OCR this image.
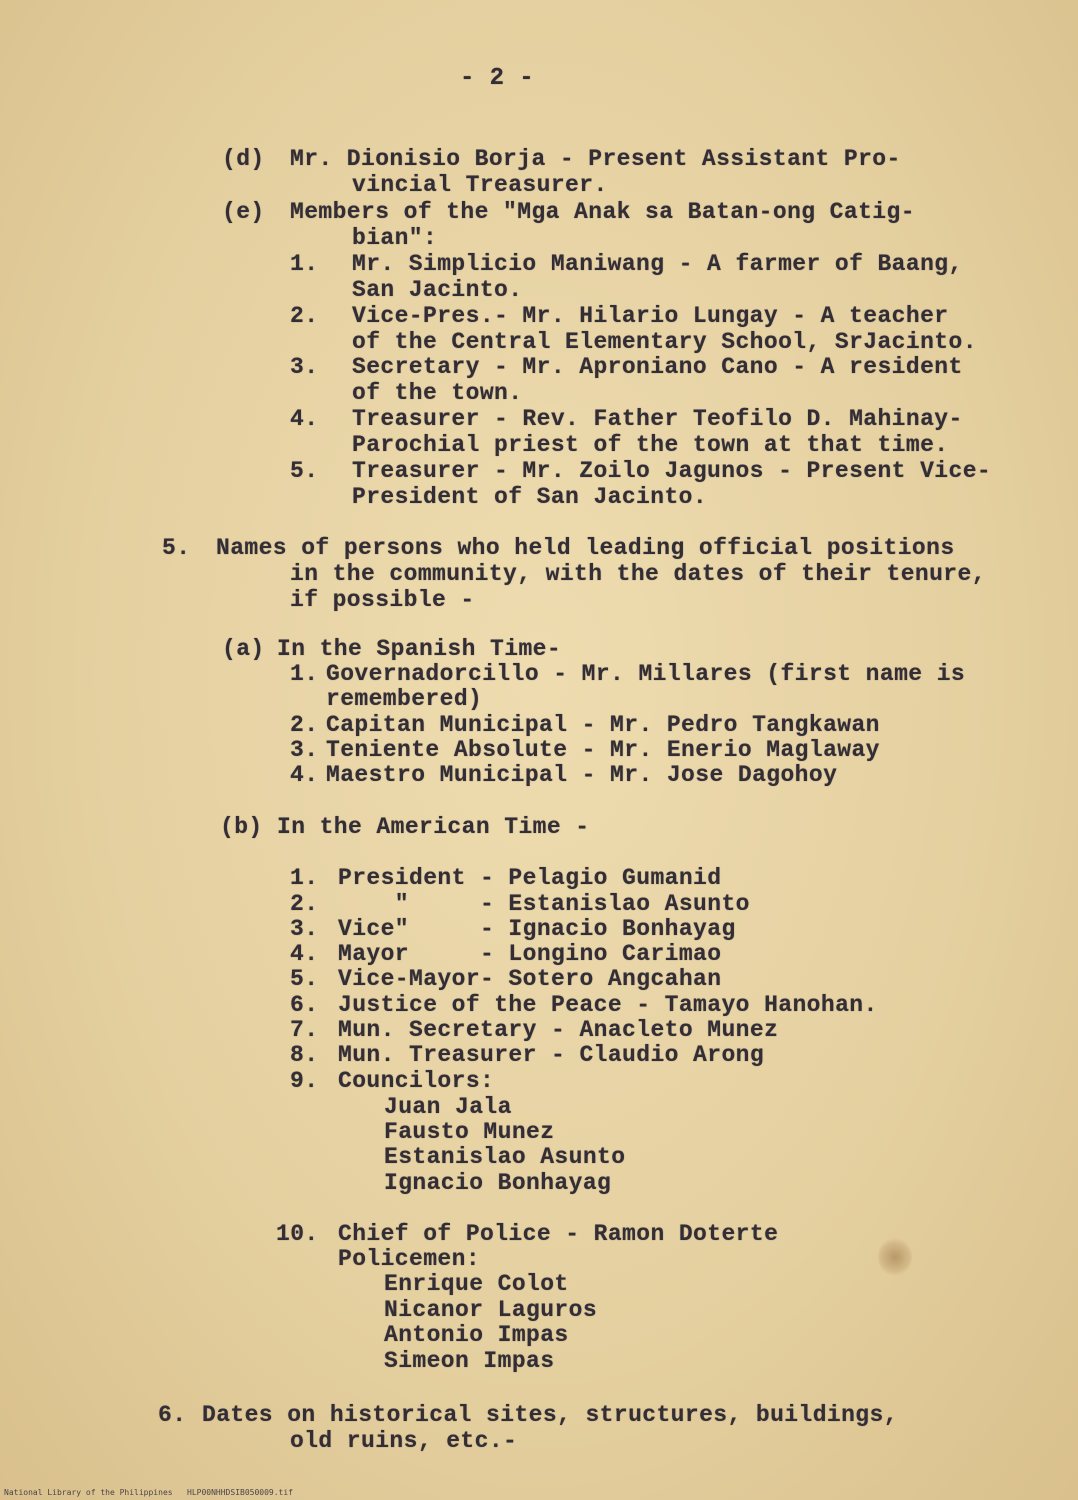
- 2 -
(d) Mr. Dionisio Borja - Present Assistant Pro-
vincial Treasurer.
(e) Members of the "Mga Anak sa Batan-ong Catig-
bian":
1. Mr. Simplicio Maniwang - A farmer of Baang,
San Jacinto.
2. Vice-Pres.- Mr. Hilario Lungay - A teacher
of the Central Elementary School, SrJacinto.
3. Secretary - Mr. Aproniano Cano - A resident
of the town.
4. Treasurer - Rev. Father Teofilo D. Mahinay-
Parochial priest of the town at that time.
5. Treasurer - Mr. Zoilo Jagunos - Present Vice-
President of San Jacinto.
5. Names of persons who held leading official positions
in the community, with the dates of their tenure,
if possible -
(a) In the Spanish Time-
1. Governadorcillo - Mr. Millares (first name is
remembered)
2. Capitan Municipal - Mr. Pedro Tangkawan
3. Teniente Absolute - Mr. Enerio Maglaway
4. Maestro Municipal - Mr. Jose Dagohoy
(b) In the American Time -
1. President - Pelagio Gumanid
2. "     - Estanislao Asunto
3. Vice"     - Ignacio Bonhayag
4. Mayor     - Longino Carimao
5. Vice-Mayor- Sotero Angcahan
6. Justice of the Peace - Tamayo Hanohan.
7. Mun. Secretary - Anacleto Munez
8. Mun. Treasurer - Claudio Arong
9. Councilors:
Juan Jala
Fausto Munez
Estanislao Asunto
Ignacio Bonhayag
10. Chief of Police - Ramon Doterte
Policemen:
Enrique Colot
Nicanor Laguros
Antonio Impas
Simeon Impas
6. Dates on historical sites, structures, buildings,
old ruins, etc.-
National Library of the Philippines   HLP00NHHDSIB050009.tif
